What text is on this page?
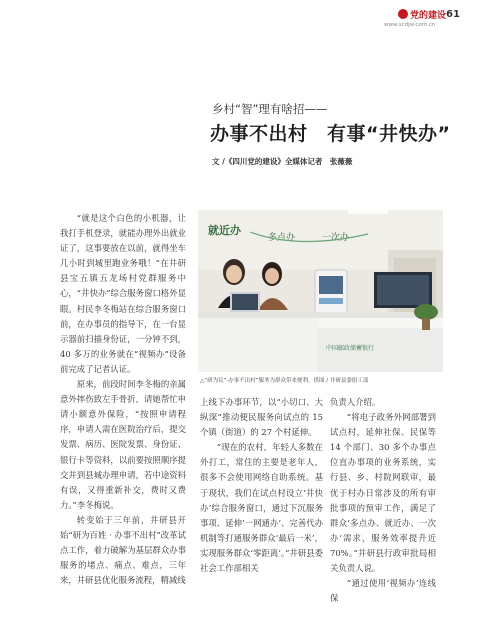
党的建设
www.scdjw.com.cn
61
乡村“智”理有啥招——
办事不出村　有事“井快办”
文 /《四川党的建设》全媒体记者　张薇薇
就近办
多点办	一次办
中国邮政储蓄银行
△“研为民”·办事不出村”服务为群众带来便利。供图 / 井研县委组工部

“就是这个白色的小机器，让我打手机登录，就能办理外出就业证了，这事要放在以前，就得坐车几小时到城里跑业务哦！”在井研县宝五镇五龙场村党群服务中心，“井快办”综合服务窗口格外显眼。村民李冬梅站在综合服务窗口前，在办事员的指导下，在一台显示器前扫描身份证，一分钟不到，40 多万的业务就在“视频办”设备前完成了记者认证。

原来，前段时间李冬梅的亲属意外摔伤致左手骨折，请她帮忙申请小额意外保险，“按照申请程序，申请人需在医院治疗后，提交发票、病历、医院发票、身份证、银行卡等资料，以前要按照顺序提交并到县城办理申请，若中途资料有误，又得重新补交，费时又费力。”李冬梅说。

转变始于三年前，井研县开始“研为百姓 · 办事不出村”改革试点工作，着力破解为基层群众办事服务的堵点、痛点、难点，三年来，井研县优化服务流程，精减线

上线下办事环节，以“小切口、大纵深”推动便民服务向试点的 15 个镇（街道）的 27 个村延伸。

“现在的农村，年轻人多数在外打工，常住的主要是老年人，很多不会使用网络自助系统。基于现状，我们在试点村设立‘井快办’综合服务窗口，通过下沉服务事项、延伸‘一网通办’、完善代办机制等打通服务群众‘最后一米’，实现服务群众‘零距离’。”井研县委社会工作部相关

负责人介绍。

“将电子政务外网部署到试点村，延伸社保、民保等 14 个部门、30 多个办事点位直办事项的业务系统，实行县、乡、村院网联审，最优于村办日常涉及的所有审批事项的预审工作，满足了群众‘多点办、就近办、一次办’需求，服务效率提升近 70%。”井研县行政审批局相关负责人说。

“通过使用‘视频办’连线保
